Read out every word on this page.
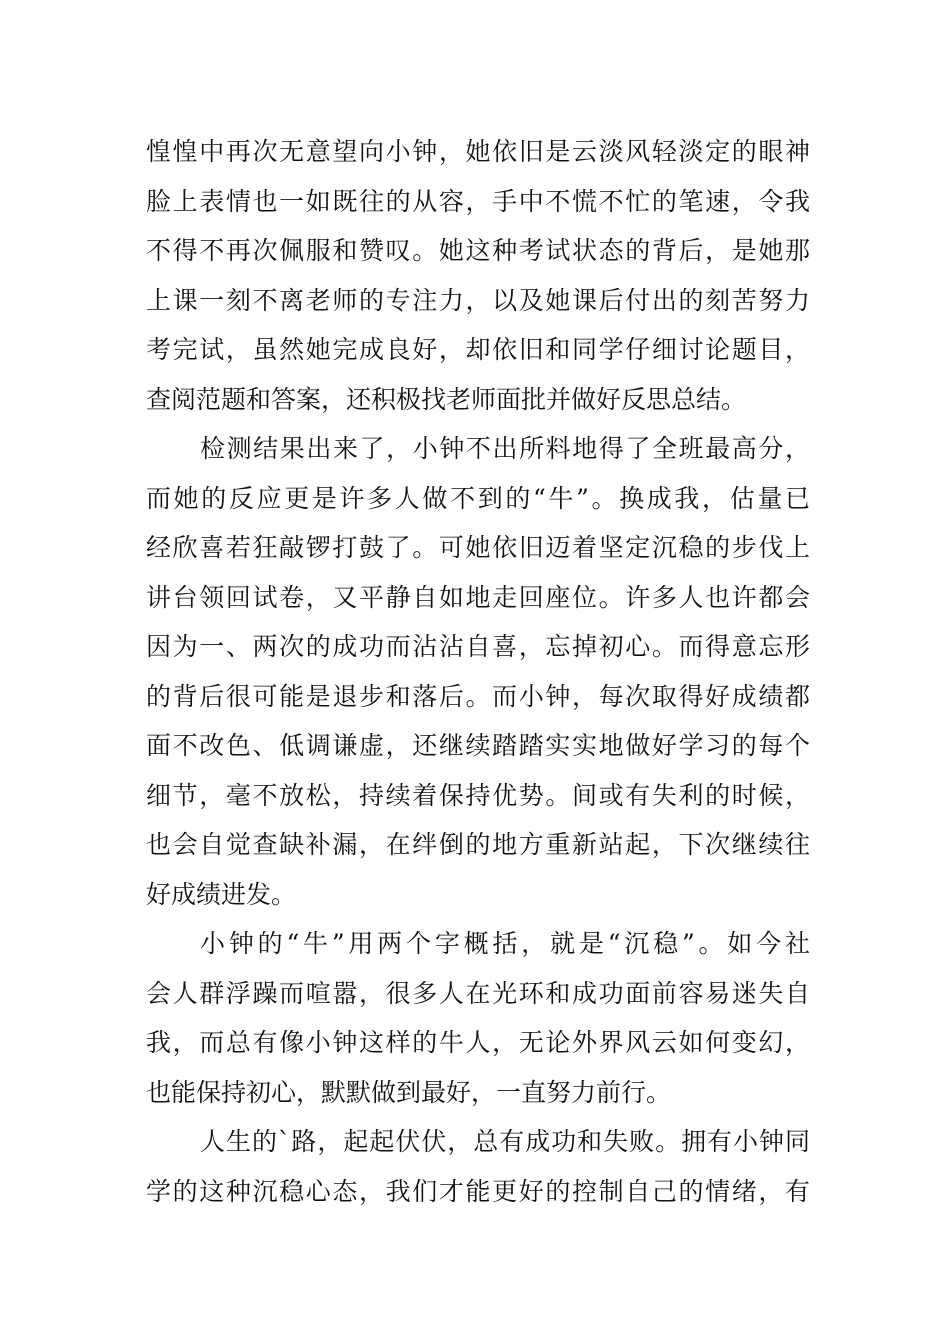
惶惶中再次无意望向小钟，她依旧是云淡风轻淡定的眼神
脸上表情也一如既往的从容，手中不慌不忙的笔速，令我
不得不再次佩服和赞叹。她这种考试状态的背后，是她那
上课一刻不离老师的专注力，以及她课后付出的刻苦努力
考完试，虽然她完成良好，却依旧和同学仔细讨论题目，
查阅范题和答案，还积极找老师面批并做好反思总结。
检测结果出来了，小钟不出所料地得了全班最高分，
而她的反应更是许多人做不到的“牛”。换成我，估量已
经欣喜若狂敲锣打鼓了。可她依旧迈着坚定沉稳的步伐上
讲台领回试卷，又平静自如地走回座位。许多人也许都会
因为一、两次的成功而沾沾自喜，忘掉初心。而得意忘形
的背后很可能是退步和落后。而小钟，每次取得好成绩都
面不改色、低调谦虚，还继续踏踏实实地做好学习的每个
细节，毫不放松，持续着保持优势。间或有失利的时候，
也会自觉查缺补漏，在绊倒的地方重新站起，下次继续往
好成绩进发。
小钟的“牛”用两个字概括，就是“沉稳”。如今社
会人群浮躁而喧嚣，很多人在光环和成功面前容易迷失自
我，而总有像小钟这样的牛人，无论外界风云如何变幻，
也能保持初心，默默做到最好，一直努力前行。
人生的`路，起起伏伏，总有成功和失败。拥有小钟同
学的这种沉稳心态，我们才能更好的控制自己的情绪，有
